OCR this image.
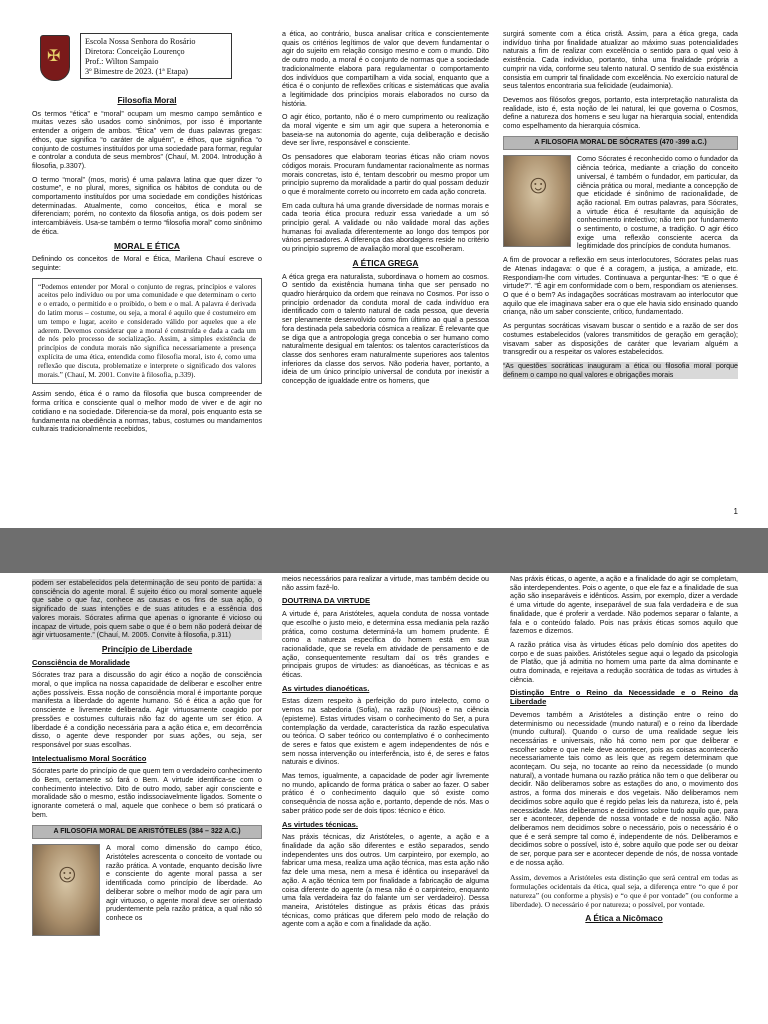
✠
Escola Nossa Senhora do Rosário
Diretora: Conceição Lourenço
Prof.: Wilton Sampaio
3º Bimestre de 2023. (1ª Etapa)
Filosofia Moral

Os termos “ética” e “moral” ocupam um mesmo campo semântico e muitas vezes são usados como sinônimos, por isso é importante entender a origem de ambos. “Ética” vem de duas palavras gregas: éthos, que significa “o caráter de alguém”, e éthos, que significa “o conjunto de costumes instituídos por uma sociedade para formar, regular e controlar a conduta de seus membros” (Chauí, M. 2004. Introdução à filosofia, p.3307).

O termo “moral” (mos, moris) é uma palavra latina que quer dizer “o costume”, e no plural, mores, significa os hábitos de conduta ou de comportamento instituídos por uma sociedade em condições históricas determinadas. Atualmente, como conceitos, ética e moral se diferenciam; porém, no contexto da filosofia antiga, os dois podem ser intercambiáveis. Usa-se também o termo “filosofia moral” como sinônimo de ética.

MORAL E ÉTICA

Definindo os conceitos de Moral e Ética, Marilena Chauí escreve o seguinte:

“Podemos entender por Moral o conjunto de regras, princípios e valores aceitos pelo indivíduo ou por uma comunidade e que determinam o certo e o errado, o permitido e o proibido, o bem e o mal. A palavra é derivada do latim morus – costume, ou seja, a moral é aquilo que é costumeiro em um tempo e lugar, aceito e considerado válido por aqueles que a ele aderem. Devemos considerar que a moral é construída e dada a cada um de nós pelo processo de socialização. Assim, a simples existência de princípios de conduta morais não significa necessariamente a presença explícita de uma ética, entendida como filosofia moral, isto é, como uma reflexão que discuta, problematize e interprete o significado dos valores morais.” (Chauí, M. 2001. Convite à filosofia, p.339).

Assim sendo, ética é o ramo da filosofia que busca compreender de forma crítica e consciente qual o melhor modo de viver e de agir no cotidiano e na sociedade. Diferencia-se da moral, pois enquanto esta se fundamenta na obediência a normas, tabus, costumes ou mandamentos culturais tradicionalmente recebidos,

a ética, ao contrário, busca analisar crítica e conscientemente quais os critérios legítimos de valor que devem fundamentar o agir do sujeito em relação consigo mesmo e com o mundo. Dito de outro modo, a moral é o conjunto de normas que a sociedade tradicionalmente elabora para regulamentar o comportamento dos indivíduos que compartilham a vida social, enquanto que a ética é o conjunto de reflexões críticas e sistemáticas que avalia a legitimidade dos princípios morais elaborados no curso da história.

O agir ético, portanto, não é o mero cumprimento ou realização da moral vigente e sim um agir que supera a heteronomia e baseia-se na autonomia do agente, cuja deliberação e decisão deve ser livre, responsável e consciente.

Os pensadores que elaboram teorias éticas não criam novos códigos morais. Procuram fundamentar racionalmente as normas morais concretas, isto é, tentam descobrir ou mesmo propor um princípio supremo da moralidade a partir do qual possam deduzir o que é moralmente correto ou incorreto em cada ação concreta.

Em cada cultura há uma grande diversidade de normas morais e cada teoria ética procura reduzir essa variedade a um só princípio geral. A validade ou não validade moral das ações humanas foi avaliada diferentemente ao longo dos tempos por vários pensadores. A diferença das abordagens reside no critério ou princípio supremo de avaliação moral que escolheram.

A ÉTICA GREGA

A ética grega era naturalista, subordinava o homem ao cosmos. O sentido da existência humana tinha que ser pensado no quadro hierárquico da ordem que reinava no Cosmos. Por isso o princípio ordenador da conduta moral de cada indivíduo era identificado com o talento natural de cada pessoa, que deveria ser plenamente desenvolvido como fim último ao qual a pessoa fora destinada pela sabedoria cósmica a realizar. É relevante que se diga que a antropologia grega concebia o ser humano como naturalmente desigual em talentos: os talentos característicos da classe dos senhores eram naturalmente superiores aos talentos inferiores da classe dos servos. Não poderia haver, portanto, a ideia de um único princípio universal de conduta por inexistir a concepção de igualdade entre os homens, que

surgirá somente com a ética cristã. Assim, para a ética grega, cada indivíduo tinha por finalidade atualizar ao máximo suas potencialidades naturais a fim de realizar com excelência o sentido para o qual veio à existência. Cada indivíduo, portanto, tinha uma finalidade própria a cumprir na vida, conforme seu talento natural. O sentido de sua existência consistia em cumprir tal finalidade com excelência. No exercício natural de seus talentos encontraria sua felicidade (eudaimonia).

Devemos aos filósofos gregos, portanto, esta interpretação naturalista da realidade, isto é, esta noção de lei natural, lei que governa o Cosmos, define a natureza dos homens e seu lugar na hierarquia social, entendida como espelhamento da hierarquia cósmica.

A FILOSOFIA MORAL DE SÓCRATES (470 -399 a.C.)
☺

Como Sócrates é reconhecido como o fundador da ciência teórica, mediante a criação do conceito universal, é também o fundador, em particular, da ciência prática ou moral, mediante a concepção de que eticidade é sinônimo de racionalidade, de ação racional. Em outras palavras, para Sócrates, a virtude ética é resultante da aquisição de conhecimento intelectivo; não tem por fundamento o sentimento, o costume, a tradição. O agir ético exige uma reflexão consciente acerca da legitimidade dos princípios de conduta humanos.

A fim de provocar a reflexão em seus interlocutores, Sócrates pelas ruas de Atenas indagava: o que é a coragem, a justiça, a amizade, etc. Respondiam-lhe com virtudes. Continuava a perguntar-lhes: “E o que é virtude?”. “É agir em conformidade com o bem, respondiam os atenienses. O que é o bem? As indagações socráticas mostravam ao interlocutor que aquilo que ele imaginava saber era o que ele havia sido ensinado quando criança, não um saber consciente, crítico, fundamentado.

As perguntas socráticas visavam buscar o sentido e a razão de ser dos costumes estabelecidos (valores transmitidos de geração em geração); visavam saber as disposições de caráter que levariam alguém a transgredir ou a respeitar os valores estabelecidos.

“As questões socráticas inauguram a ética ou filosofia moral porque definem o campo no qual valores e obrigações morais

1

podem ser estabelecidos pela determinação de seu ponto de partida: a consciência do agente moral. É sujeito ético ou moral somente aquele que sabe o que faz, conhece as causas e os fins de sua ação, o significado de suas intenções e de suas atitudes e a essência dos valores morais. Sócrates afirma que apenas o ignorante é vicioso ou incapaz de virtude, pois quem sabe o que é o bem não poderá deixar de agir virtuosamente.” (Chauí, M. 2005. Convite à filosofia, p.311)

Princípio de Liberdade
Consciência de Moralidade

Sócrates traz para a discussão do agir ético a noção de consciência moral, o que implica na nossa capacidade de deliberar e escolher entre ações possíveis. Essa noção de consciência moral é importante porque manifesta a liberdade do agente humano. Só é ética a ação que for consciente e livremente deliberada. Agir virtuosamente coagido por pressões e costumes culturais não faz do agente um ser ético. A liberdade é a condição necessária para a ação ética e, em decorrência disso, o agente deve responder por suas ações, ou seja, ser responsável por suas escolhas.

Intelectualismo Moral Socrático

Sócrates parte do princípio de que quem tem o verdadeiro conhecimento do Bem, certamente só fará o Bem. A virtude identifica-se com o conhecimento intelectivo. Dito de outro modo, saber agir consciente e moralidade são o mesmo, estão indissociavelmente ligados. Somente o ignorante cometerá o mal, aquele que conhece o bem só praticará o bem.

A FILOSOFIA MORAL DE ARISTÓTELES (384 – 322 A.C.)
☺

A moral como dimensão do campo ético, Aristóteles acrescenta o conceito de vontade ou razão prática. A vontade, enquanto decisão livre e consciente do agente moral passa a ser identificada como princípio de liberdade. Ao deliberar sobre o melhor modo de agir para um agir virtuoso, o agente moral deve ser orientado prudentemente pela razão prática, a qual não só conhece os

meios necessários para realizar a virtude, mas também decide ou não assim fazê-lo.

DOUTRINA DA VIRTUDE

A virtude é, para Aristóteles, aquela conduta de nossa vontade que escolhe o justo meio, e determina essa mediania pela razão prática, como costuma determiná-la um homem prudente. É como a natureza específica do homem está em sua racionalidade, que se revela em atividade de pensamento e de ação, consequentemente resultam daí os três grandes e principais grupos de virtudes: as dianoéticas, as técnicas e as éticas.

As virtudes dianoéticas.

Estas dizem respeito à perfeição do puro intelecto, como o vemos na sabedoria (Sofia), na razão (Nous) e na ciência (episteme). Estas virtudes visam o conhecimento do Ser, a pura contemplação da verdade, característica da razão especulativa ou teórica. O saber teórico ou contemplativo é o conhecimento de seres e fatos que existem e agem independentes de nós e sem nossa intervenção ou interferência, isto é, de seres e fatos naturais e divinos.

Mas temos, igualmente, a capacidade de poder agir livremente no mundo, aplicando de forma prática o saber ao fazer. O saber prático é o conhecimento daquilo que só existe como consequência de nossa ação e, portanto, depende de nós. Mas o saber prático pode ser de dois tipos: técnico e ético.

As virtudes técnicas.

Nas práxis técnicas, diz Aristóteles, o agente, a ação e a finalidade da ação são diferentes e estão separados, sendo independentes uns dos outros. Um carpinteiro, por exemplo, ao fabricar uma mesa, realiza uma ação técnica, mas esta ação não faz dele uma mesa, nem a mesa é idêntica ou inseparável da ação. A ação técnica tem por finalidade a fabricação de alguma coisa diferente do agente (a mesa não é o carpinteiro, enquanto uma fala verdadeira faz do falante um ser verdadeiro). Dessa maneira, Aristóteles distingue as práxis éticas das práxis técnicas, como práticas que diferem pelo modo de relação do agente com a ação e com a finalidade da ação.

Nas práxis éticas, o agente, a ação e a finalidade do agir se completam, são interdependentes. Pois o agente, o que ele faz e a finalidade de sua ação são inseparáveis e idênticos. Assim, por exemplo, dizer a verdade é uma virtude do agente, inseparável de sua fala verdadeira e de sua finalidade, que é proferir a verdade. Não podemos separar o falante, a fala e o conteúdo falado. Pois nas práxis éticas somos aquilo que fazemos e dizemos.

A razão prática visa às virtudes éticas pelo domínio dos apetites do corpo e de suas paixões. Aristóteles segue aqui o legado da psicologia de Platão, que já admitia no homem uma parte da alma dominante e outra dominada, e rejeitava a redução socrática de todas as virtudes à ciência.

Distinção Entre o Reino da Necessidade e o Reino da Liberdade

Devemos também a Aristóteles a distinção entre o reino do determinismo ou necessidade (mundo natural) e o reino da liberdade (mundo cultural). Quando o curso de uma realidade segue leis necessárias e universais, não há como nem por que deliberar e escolher sobre o que nele deve acontecer, pois as coisas acontecerão necessariamente tais como as leis que as regem determinam que aconteçam. Ou seja, no tocante ao reino da necessidade (o mundo natural), a vontade humana ou razão prática não tem o que deliberar ou decidir. Não deliberamos sobre as estações do ano, o movimento dos astros, a forma dos minerais e dos vegetais. Não deliberamos nem decidimos sobre aquilo que é regido pelas leis da natureza, isto é, pela necessidade. Mas deliberamos e decidimos sobre tudo aquilo que, para ser e acontecer, depende de nossa vontade e de nossa ação. Não deliberamos nem decidimos sobre o necessário, pois o necessário é o que é e será sempre tal como é, independente de nós. Deliberamos e decidimos sobre o possível, isto é, sobre aquilo que pode ser ou deixar de ser, porque para ser e acontecer depende de nós, de nossa vontade e de nossa ação.

Assim, devemos a Aristóteles esta distinção que será central em todas as formulações ocidentais da ética, qual seja, a diferença entre “o que é por natureza” (ou conforme a physis) e “o que é por vontade” (ou conforme a liberdade). O necessário é por natureza; o possível, por vontade.

A Ética a Nicômaco
